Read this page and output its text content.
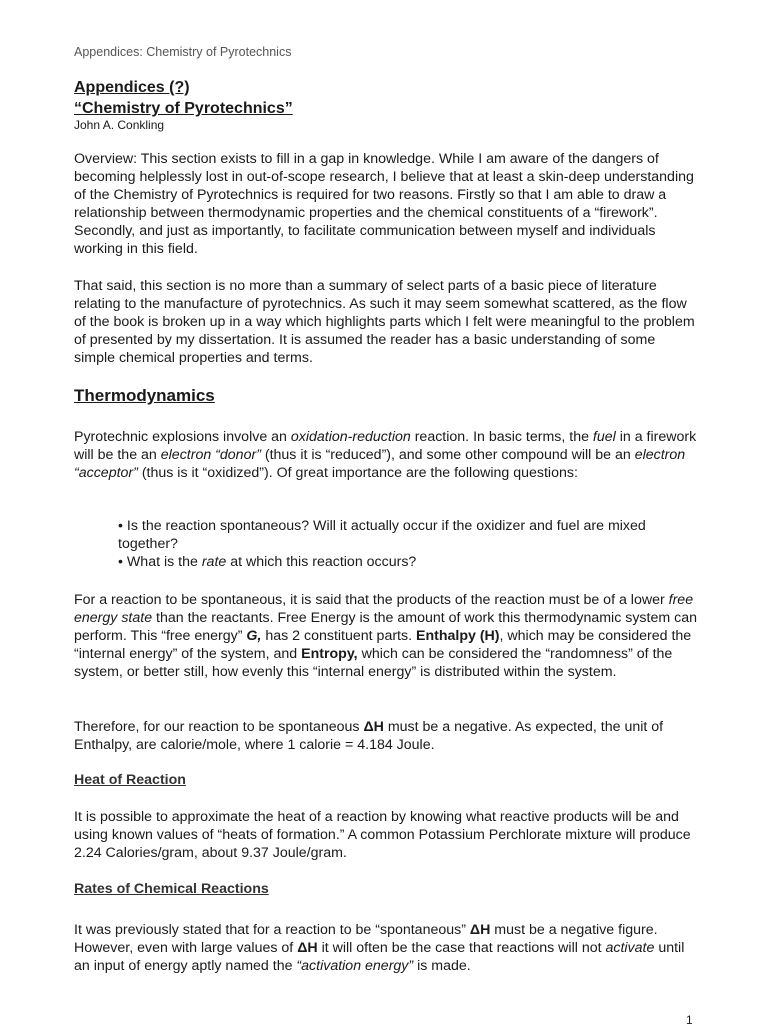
Appendices: Chemistry of Pyrotechnics
Appendices (?)
“Chemistry of Pyrotechnics”
John A. Conkling

Overview: This section exists to fill in a gap in knowledge. While I am aware of the dangers of becoming helplessly lost in out-of-scope research, I believe that at least a skin-deep understanding of the Chemistry of Pyrotechnics is required for two reasons. Firstly so that I am able to draw a relationship between thermodynamic properties and the chemical constituents of a “firework”. Secondly, and just as importantly, to facilitate communication between myself and individuals working in this field.

That said, this section is no more than a summary of select parts of a basic piece of literature relating to the manufacture of pyrotechnics. As such it may seem somewhat scattered, as the flow of the book is broken up in a way which highlights parts which I felt were meaningful to the problem of presented by my dissertation. It is assumed the reader has a basic understanding of some simple chemical properties and terms.

Thermodynamics

Pyrotechnic explosions involve an oxidation-reduction reaction. In basic terms, the fuel in a firework will be the an electron “donor” (thus it is “reduced”), and some other compound will be an electron “acceptor” (thus is it “oxidized”). Of great importance are the following questions:

• Is the reaction spontaneous? Will it actually occur if the oxidizer and fuel are mixed together?
• What is the rate at which this reaction occurs?

For a reaction to be spontaneous, it is said that the products of the reaction must be of a lower free energy state than the reactants. Free Energy is the amount of work this thermodynamic system can perform. This “free energy” G, has 2 constituent parts. Enthalpy (H), which may be considered the “internal energy” of the system, and Entropy, which can be considered the “randomness” of the system, or better still, how evenly this “internal energy” is distributed within the system.

Therefore, for our reaction to be spontaneous ΔH must be a negative. As expected, the unit of Enthalpy, are calorie/mole, where 1 calorie = 4.184 Joule.

Heat of Reaction

It is possible to approximate the heat of a reaction by knowing what reactive products will be and using known values of “heats of formation.” A common Potassium Perchlorate mixture will produce 2.24 Calories/gram, about 9.37 Joule/gram.

Rates of Chemical Reactions

It was previously stated that for a reaction to be “spontaneous” ΔH must be a negative figure. However, even with large values of ΔH it will often be the case that reactions will not activate until an input of energy aptly named the “activation energy” is made.

1
